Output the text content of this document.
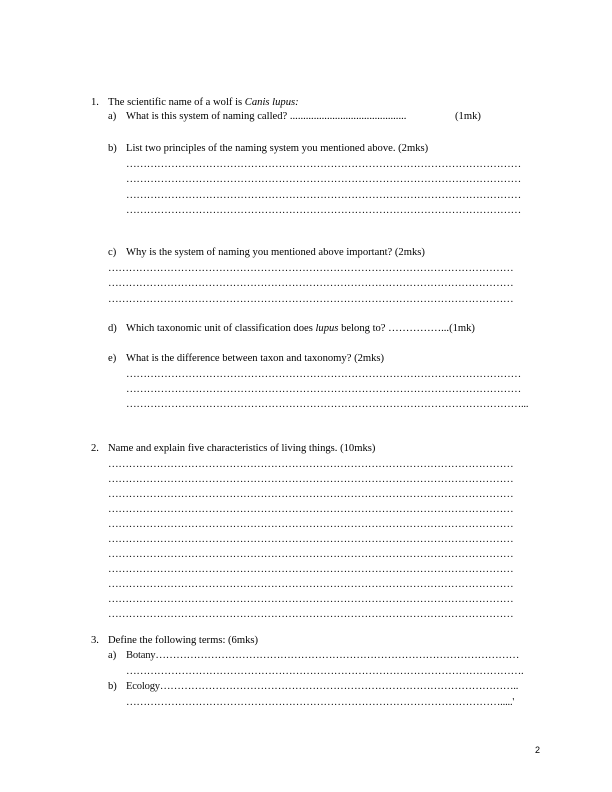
1. The scientific name of a wolf is Canis lupus:
a) What is this system of naming called? ............................................	(1mk)
b) List two principles of the naming system you mentioned above. (2mks)
……………………………………………………………………………………………………
……………………………………………………………………………………………………
……………………………………………………………………………………………………
……………………………………………………………………………………………………
c) Why is the system of naming you mentioned above important? (2mks)
………………………………………………………………………………………………………
………………………………………………………………………………………………………
………………………………………………………………………………………………………
d) Which taxonomic unit of classification does lupus belong to? ……………...(1mk)
e) What is the difference between taxon and taxonomy? (2mks)
……………………………………………………………………………………………………
……………………………………………………………………………………………………
……………………………………………………………………………………………………...
2. Name and explain five characteristics of living things. (10mks)
………………………………………………………………………………………………………
………………………………………………………………………………………………………
………………………………………………………………………………………………………
………………………………………………………………………………………………………
………………………………………………………………………………………………………
………………………………………………………………………………………………………
………………………………………………………………………………………………………
………………………………………………………………………………………………………
………………………………………………………………………………………………………
………………………………………………………………………………………………………
………………………………………………………………………………………………………
3. Define the following terms: (6mks)
a) Botany……………………………………………………………………………………………
…………………………………………………………………………………………………….
b) Ecology…………………………………………………………………………………………..
……………………………………………………………………………………………….....'
2
